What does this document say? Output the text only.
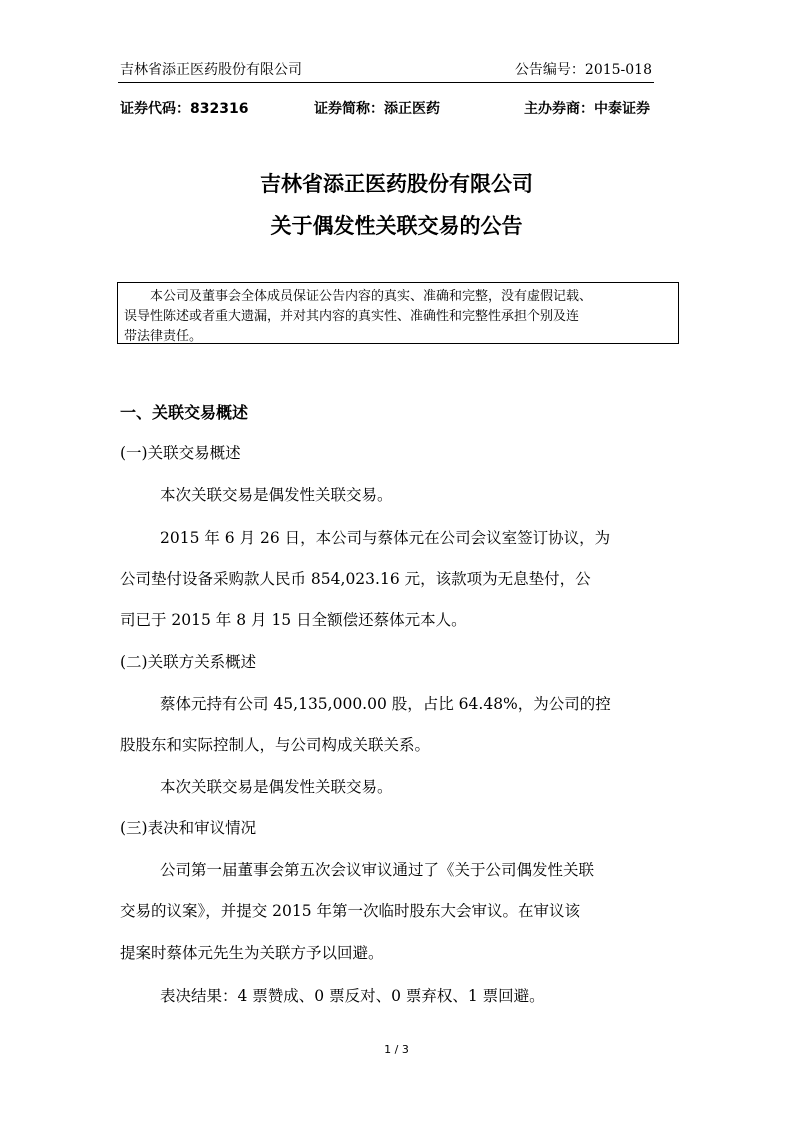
吉林省添正医药股份有限公司	公告编号：2015-018
证券代码：832316	证券简称：添正医药	主办券商：中泰证券
吉林省添正医药股份有限公司
关于偶发性关联交易的公告
本公司及董事会全体成员保证公告内容的真实、准确和完整，没有虚假记载、
误导性陈述或者重大遗漏，并对其内容的真实性、准确性和完整性承担个别及连
带法律责任。
一、关联交易概述
(一)关联交易概述
本次关联交易是偶发性关联交易。
2015 年 6 月 26 日，本公司与蔡体元在公司会议室签订协议，为
公司垫付设备采购款人民币 854,023.16 元，该款项为无息垫付，公
司已于 2015 年 8 月 15 日全额偿还蔡体元本人。
(二)关联方关系概述
蔡体元持有公司 45,135,000.00 股，占比 64.48%，为公司的控
股股东和实际控制人，与公司构成关联关系。
本次关联交易是偶发性关联交易。
(三)表决和审议情况
公司第一届董事会第五次会议审议通过了《关于公司偶发性关联
交易的议案》，并提交 2015 年第一次临时股东大会审议。在审议该
提案时蔡体元先生为关联方予以回避。
表决结果：4 票赞成、0 票反对、0 票弃权、1 票回避。
1 / 3
